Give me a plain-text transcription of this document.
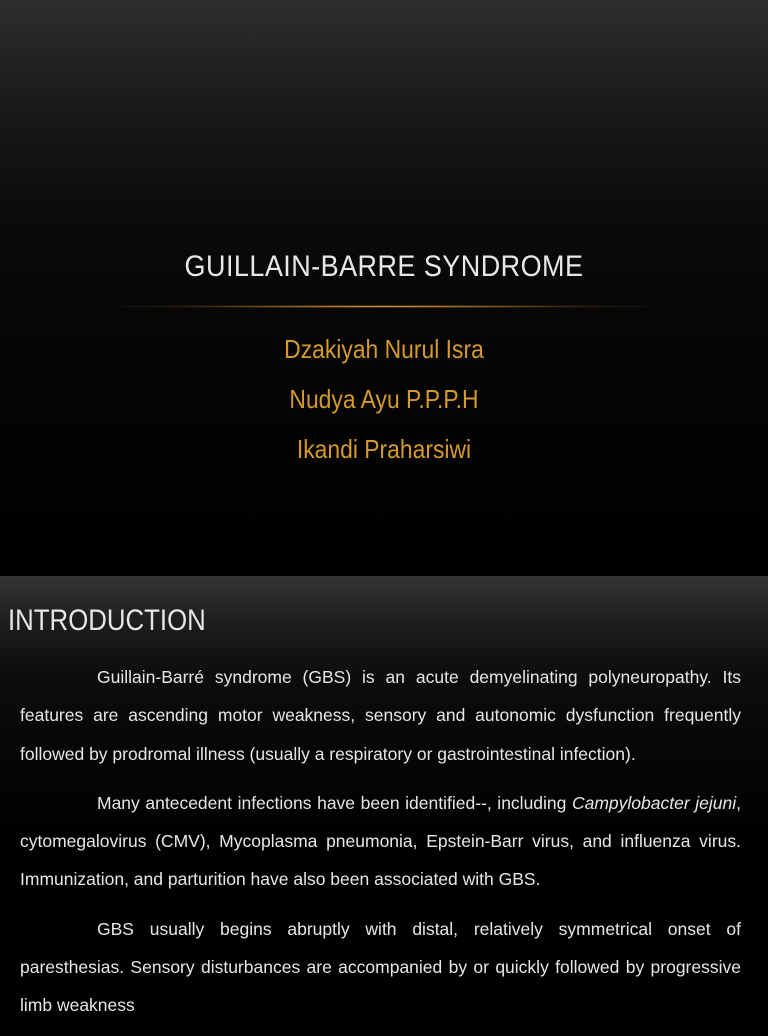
GUILLAIN-BARRE SYNDROME
Dzakiyah Nurul Isra
Nudya Ayu P.P.P.H
Ikandi Praharsiwi
INTRODUCTION

Guillain-Barré syndrome (GBS) is an acute demyelinating polyneuropathy. Its features are ascending motor weakness, sensory and autonomic dysfunction frequently followed by prodromal illness (usually a respiratory or gastrointestinal infection).

Many antecedent infections have been identified--, including Campylobacter jejuni, cytomegalovirus (CMV), Mycoplasma pneumonia, Epstein-Barr virus, and influenza virus. Immunization, and parturition have also been associated with GBS.

GBS usually begins abruptly with distal, relatively symmetrical onset of paresthesias. Sensory disturbances are accompanied by or quickly followed by progressive limb weakness
